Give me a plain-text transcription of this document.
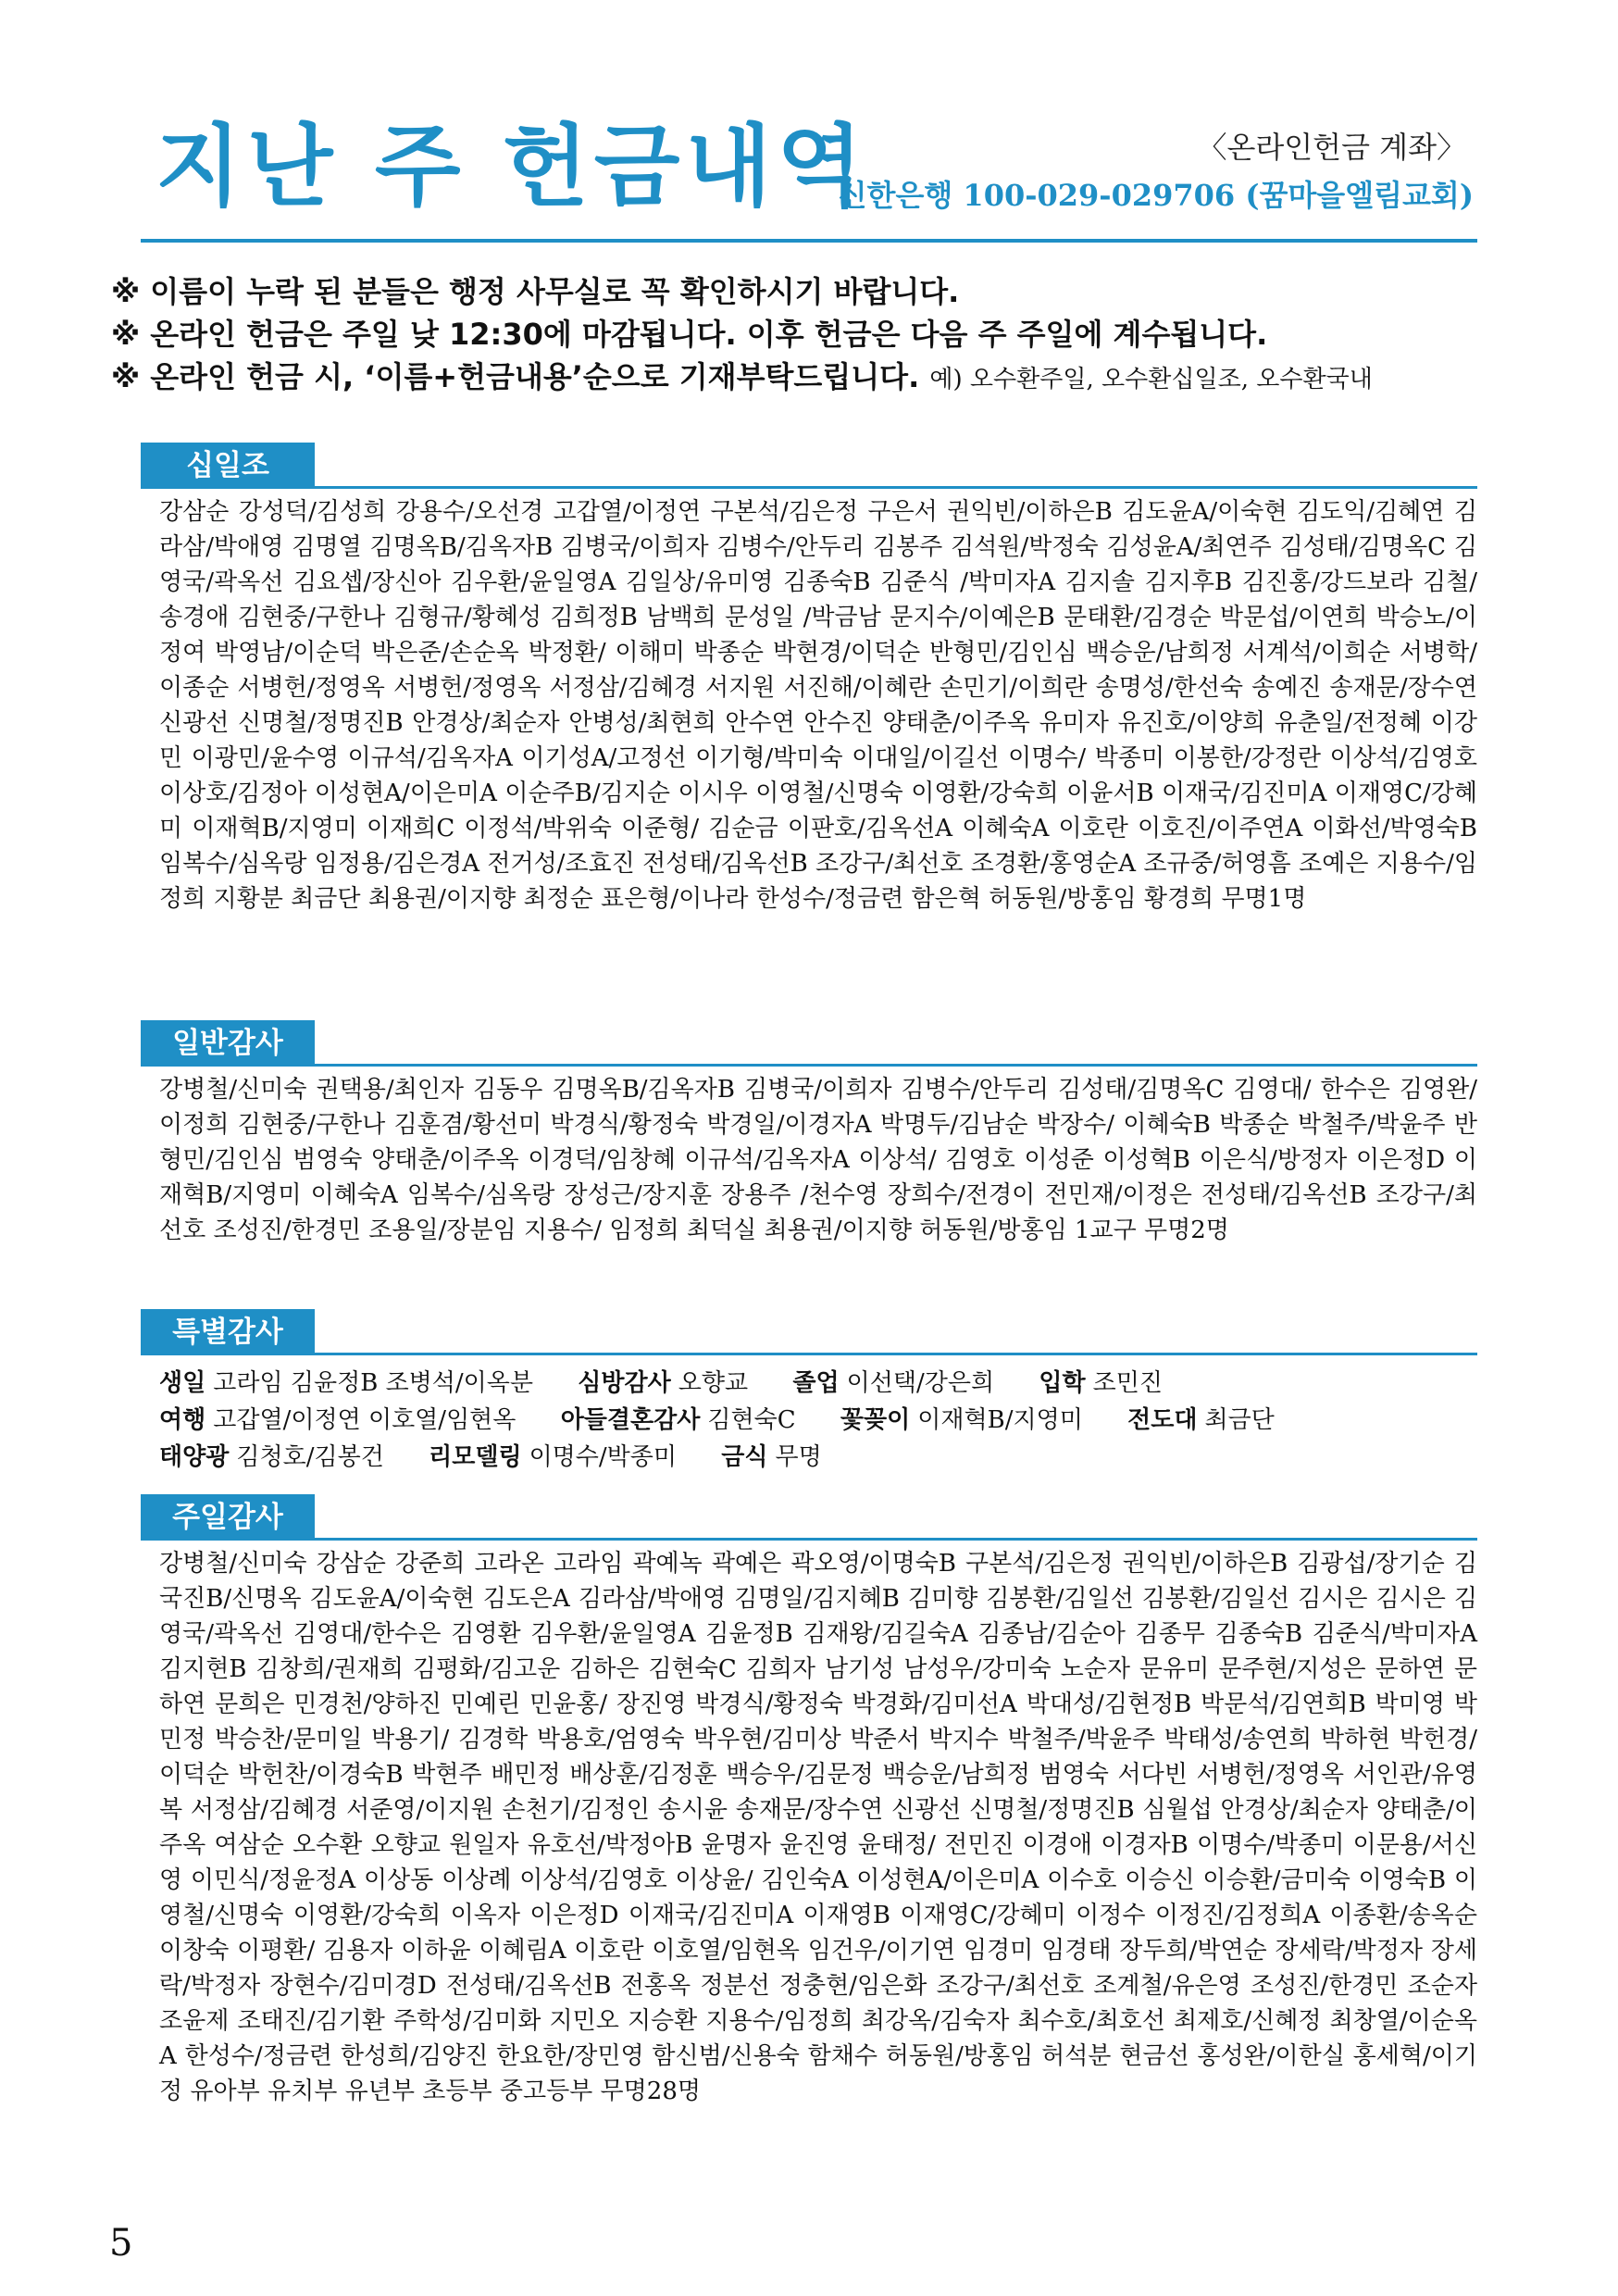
지난 주 헌금내역	〈온라인헌금 계좌〉
신한은행 100-029-029706 (꿈마을엘림교회)
※ 이름이 누락 된 분들은 행정 사무실로 꼭 확인하시기 바랍니다.
※ 온라인 헌금은 주일 낮 12:30에 마감됩니다. 이후 헌금은 다음 주 주일에 계수됩니다.
※ 온라인 헌금 시, ‘이름+헌금내용’순으로 기재부탁드립니다. 예) 오수환주일, 오수환십일조, 오수환국내
십일조
강삼순 강성덕/김성희 강용수/오선경 고갑열/이정연 구본석/김은정 구은서 권익빈/이하은B 김도윤A/이숙현 김도익/김혜연 김라삼/박애영 김명열 김명옥B/김옥자B 김병국/이희자 김병수/안두리 김봉주 김석원/박정숙 김성윤A/최연주 김성태/김명옥C 김영국/곽옥선 김요셉/장신아 김우환/윤일영A 김일상/유미영 김종숙B 김준식 /박미자A 김지솔 김지후B 김진홍/강드보라 김철/송경애 김현중/구한나 김형규/황혜성 김희정B 남백희 문성일 /박금남 문지수/이예은B 문태환/김경순 박문섭/이연희 박승노/이정여 박영남/이순덕 박은준/손순옥 박정환/ 이해미 박종순 박현경/이덕순 반형민/김인심 백승운/남희정 서계석/이희순 서병학/이종순 서병헌/정영옥 서병헌/정영옥 서정삼/김혜경 서지원 서진해/이혜란 손민기/이희란 송명성/한선숙 송예진 송재문/장수연 신광선 신명철/정명진B 안경상/최순자 안병성/최현희 안수연 안수진 양태춘/이주옥 유미자 유진호/이양희 유춘일/전정혜 이강민 이광민/윤수영 이규석/김옥자A 이기성A/고정선 이기형/박미숙 이대일/이길선 이명수/ 박종미 이봉한/강정란 이상석/김영호 이상호/김정아 이성현A/이은미A 이순주B/김지순 이시우 이영철/신명숙 이영환/강숙희 이윤서B 이재국/김진미A 이재영C/강혜미 이재혁B/지영미 이재희C 이정석/박위숙 이준형/ 김순금 이판호/김옥선A 이혜숙A 이호란 이호진/이주연A 이화선/박영숙B 임복수/심옥랑 임정용/김은경A 전거성/조효진 전성태/김옥선B 조강구/최선호 조경환/홍영순A 조규중/허영흠 조예은 지용수/임정희 지황분 최금단 최용권/이지향 최정순 표은형/이나라 한성수/정금련 함은혁 허동원/방홍임 황경희 무명1명
일반감사
강병철/신미숙 권택용/최인자 김동우 김명옥B/김옥자B 김병국/이희자 김병수/안두리 김성태/김명옥C 김영대/ 한수은 김영완/이정희 김현중/구한나 김훈겸/황선미 박경식/황정숙 박경일/이경자A 박명두/김남순 박장수/ 이혜숙B 박종순 박철주/박윤주 반형민/김인심 범영숙 양태춘/이주옥 이경덕/임창혜 이규석/김옥자A 이상석/ 김영호 이성준 이성혁B 이은식/방정자 이은정D 이재혁B/지영미 이혜숙A 임복수/심옥랑 장성근/장지훈 장용주 /천수영 장희수/전경이 전민재/이정은 전성태/김옥선B 조강구/최선호 조성진/한경민 조용일/장분임 지용수/ 임정희 최덕실 최용권/이지향 허동원/방홍임 1교구 무명2명
특별감사
생일 고라임 김윤정B 조병석/이옥분 심방감사 오향교 졸업 이선택/강은희 입학 조민진
여행 고갑열/이정연 이호열/임현옥 아들결혼감사 김현숙C 꽃꽂이 이재혁B/지영미 전도대 최금단
태양광 김청호/김봉건 리모델링 이명수/박종미 금식 무명
주일감사
강병철/신미숙 강삼순 강준희 고라온 고라임 곽예녹 곽예은 곽오영/이명숙B 구본석/김은정 권익빈/이하은B 김광섭/장기순 김국진B/신명옥 김도윤A/이숙현 김도은A 김라삼/박애영 김명일/김지혜B 김미향 김봉환/김일선 김봉환/김일선 김시은 김시은 김영국/곽옥선 김영대/한수은 김영환 김우환/윤일영A 김윤정B 김재왕/김길숙A 김종남/김순아 김종무 김종숙B 김준식/박미자A 김지현B 김창희/권재희 김평화/김고운 김하은 김현숙C 김희자 남기성 남성우/강미숙 노순자 문유미 문주현/지성은 문하연 문하연 문희은 민경천/양하진 민예린 민윤홍/ 장진영 박경식/황정숙 박경화/김미선A 박대성/김현정B 박문석/김연희B 박미영 박민정 박승찬/문미일 박용기/ 김경학 박용호/엄영숙 박우현/김미상 박준서 박지수 박철주/박윤주 박태성/송연희 박하현 박헌경/이덕순 박헌찬/이경숙B 박현주 배민정 배상훈/김정훈 백승우/김문정 백승운/남희정 범영숙 서다빈 서병헌/정영옥 서인관/유영복 서정삼/김혜경 서준영/이지원 손천기/김정인 송시윤 송재문/장수연 신광선 신명철/정명진B 심월섭 안경상/최순자 양태춘/이주옥 여삼순 오수환 오향교 원일자 유호선/박정아B 윤명자 윤진영 윤태정/ 전민진 이경애 이경자B 이명수/박종미 이문용/서신영 이민식/정윤정A 이상동 이상례 이상석/김영호 이상윤/ 김인숙A 이성현A/이은미A 이수호 이승신 이승환/금미숙 이영숙B 이영철/신명숙 이영환/강숙희 이옥자 이은정D 이재국/김진미A 이재영B 이재영C/강혜미 이정수 이정진/김정희A 이종환/송옥순 이창숙 이평환/ 김용자 이하윤 이혜림A 이호란 이호열/임현옥 임건우/이기연 임경미 임경태 장두희/박연순 장세락/박정자 장세락/박정자 장현수/김미경D 전성태/김옥선B 전홍옥 정분선 정충현/임은화 조강구/최선호 조계철/유은영 조성진/한경민 조순자 조윤제 조태진/김기환 주학성/김미화 지민오 지승환 지용수/임정희 최강옥/김숙자 최수호/최호선 최제호/신혜정 최창열/이순옥A 한성수/정금련 한성희/김양진 한요한/장민영 함신범/신용숙 함채수 허동원/방홍임 허석분 현금선 홍성완/이한실 홍세혁/이기정 유아부 유치부 유년부 초등부 중고등부 무명28명
5
